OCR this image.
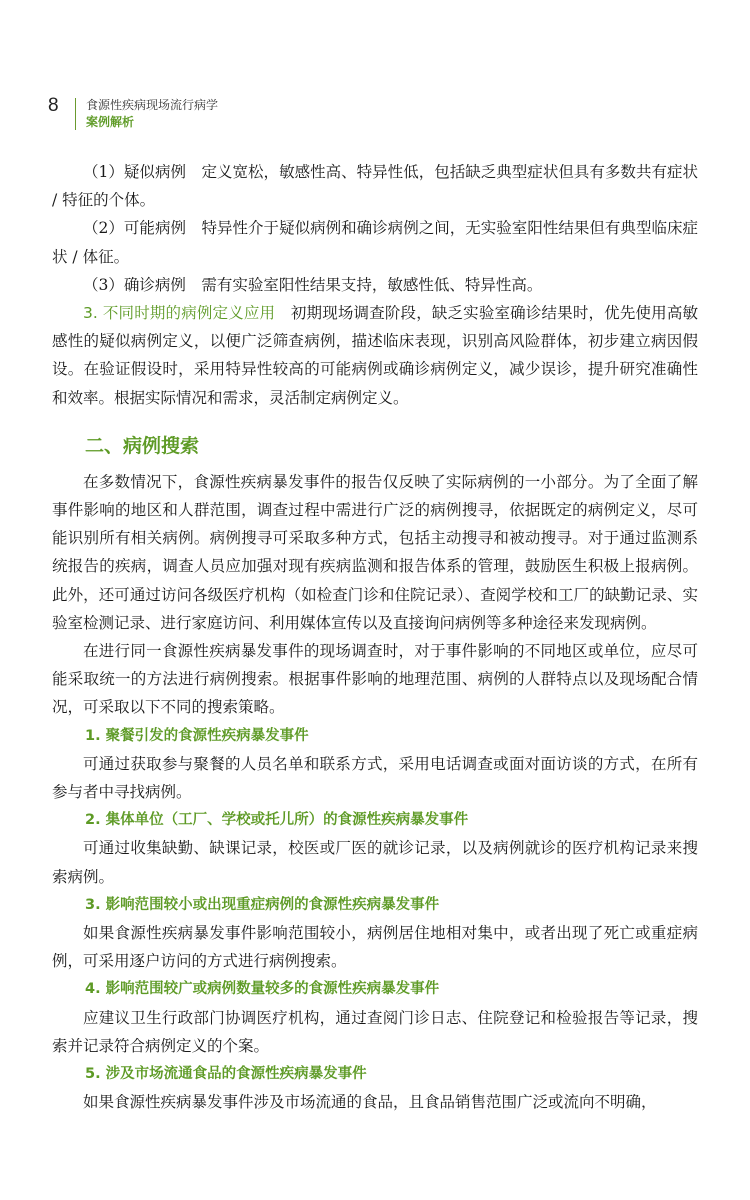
8 食源性疾病现场流行病学
案例解析

（1）疑似病例　定义宽松，敏感性高、特异性低，包括缺乏典型症状但具有多数共有症状 / 特征的个体。

（2）可能病例　特异性介于疑似病例和确诊病例之间，无实验室阳性结果但有典型临床症状 / 体征。

（3）确诊病例　需有实验室阳性结果支持，敏感性低、特异性高。

3. 不同时期的病例定义应用　初期现场调查阶段，缺乏实验室确诊结果时，优先使用高敏感性的疑似病例定义，以便广泛筛查病例，描述临床表现，识别高风险群体，初步建立病因假设。在验证假设时，采用特异性较高的可能病例或确诊病例定义，减少误诊，提升研究准确性和效率。根据实际情况和需求，灵活制定病例定义。

二、病例搜索

在多数情况下，食源性疾病暴发事件的报告仅反映了实际病例的一小部分。为了全面了解事件影响的地区和人群范围，调查过程中需进行广泛的病例搜寻，依据既定的病例定义，尽可能识别所有相关病例。病例搜寻可采取多种方式，包括主动搜寻和被动搜寻。对于通过监测系统报告的疾病，调查人员应加强对现有疾病监测和报告体系的管理，鼓励医生积极上报病例。此外，还可通过访问各级医疗机构（如检查门诊和住院记录）、查阅学校和工厂的缺勤记录、实验室检测记录、进行家庭访问、利用媒体宣传以及直接询问病例等多种途径来发现病例。

在进行同一食源性疾病暴发事件的现场调查时，对于事件影响的不同地区或单位，应尽可能采取统一的方法进行病例搜索。根据事件影响的地理范围、病例的人群特点以及现场配合情况，可采取以下不同的搜索策略。

1. 聚餐引发的食源性疾病暴发事件

可通过获取参与聚餐的人员名单和联系方式，采用电话调查或面对面访谈的方式，在所有参与者中寻找病例。

2. 集体单位（工厂、学校或托儿所）的食源性疾病暴发事件

可通过收集缺勤、缺课记录，校医或厂医的就诊记录，以及病例就诊的医疗机构记录来搜索病例。

3. 影响范围较小或出现重症病例的食源性疾病暴发事件

如果食源性疾病暴发事件影响范围较小，病例居住地相对集中，或者出现了死亡或重症病例，可采用逐户访问的方式进行病例搜索。

4. 影响范围较广或病例数量较多的食源性疾病暴发事件

应建议卫生行政部门协调医疗机构，通过查阅门诊日志、住院登记和检验报告等记录，搜索并记录符合病例定义的个案。

5. 涉及市场流通食品的食源性疾病暴发事件

如果食源性疾病暴发事件涉及市场流通的食品，且食品销售范围广泛或流向不明确，
